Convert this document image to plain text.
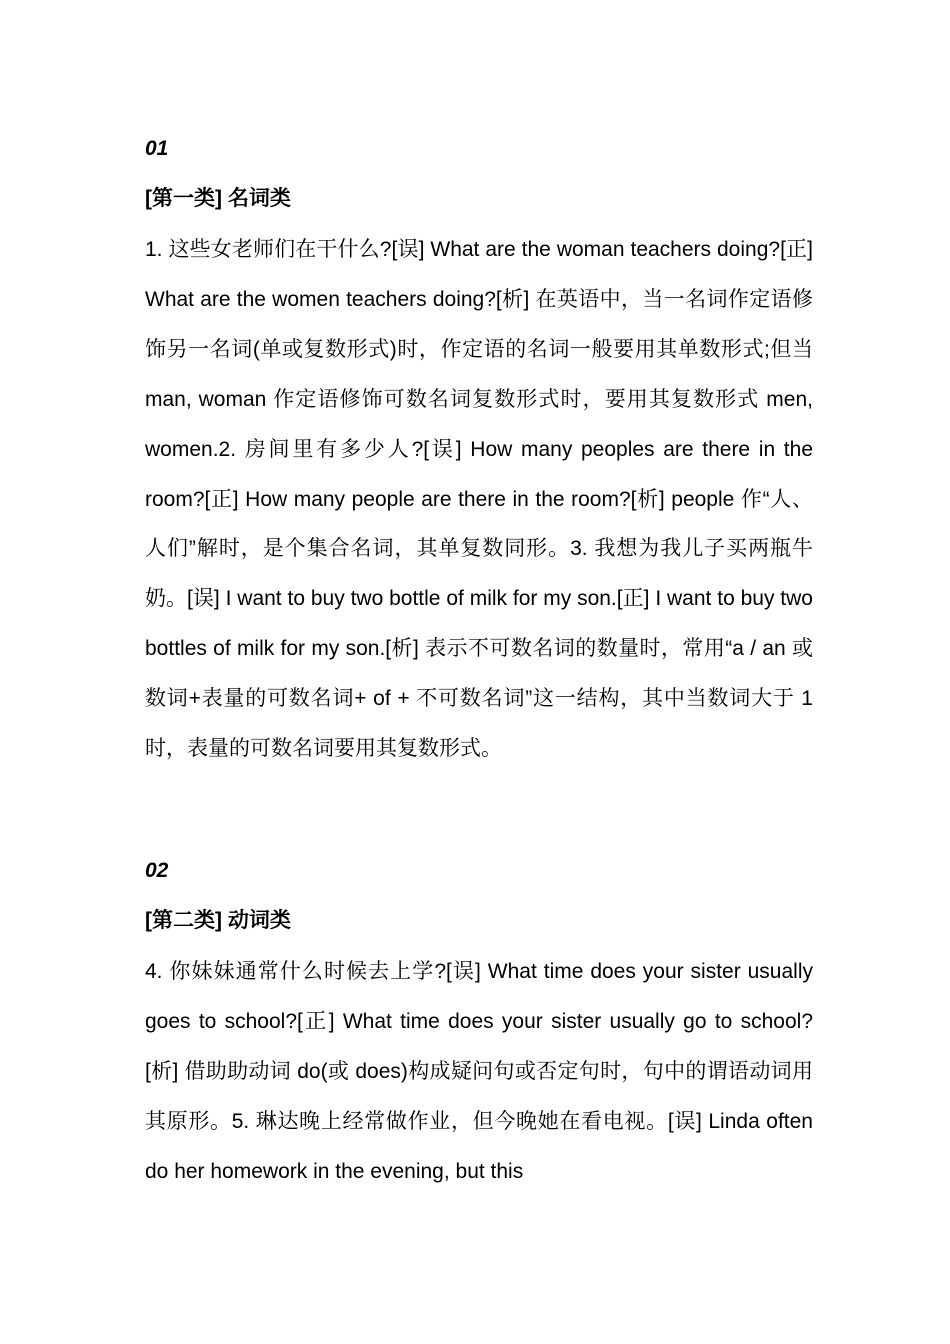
01
[第一类] 名词类

1. 这些女老师们在干什么?[误] What are the woman teachers doing?[正] What are the women teachers doing?[析] 在英语中，当一名词作定语修饰另一名词(单或复数形式)时，作定语的名词一般要用其单数形式;但当 man, woman 作定语修饰可数名词复数形式时，要用其复数形式 men, women.2. 房间里有多少人?[误] How many peoples are there in the room?[正] How many people are there in the room?[析] people 作“人、人们”解时，是个集合名词，其单复数同形。3. 我想为我儿子买两瓶牛奶。[误] I want to buy two bottle of milk for my son.[正] I want to buy two bottles of milk for my son.[析] 表示不可数名词的数量时，常用“a / an 或数词+表量的可数名词+ of + 不可数名词”这一结构，其中当数词大于 1 时，表量的可数名词要用其复数形式。

02
[第二类] 动词类

4. 你妹妹通常什么时候去上学?[误] What time does your sister usually goes to school?[正] What time does your sister usually go to school?[析] 借助助动词 do(或 does)构成疑问句或否定句时，句中的谓语动词用其原形。5. 琳达晚上经常做作业，但今晚她在看电视。[误] Linda often do her homework in the evening, but this
